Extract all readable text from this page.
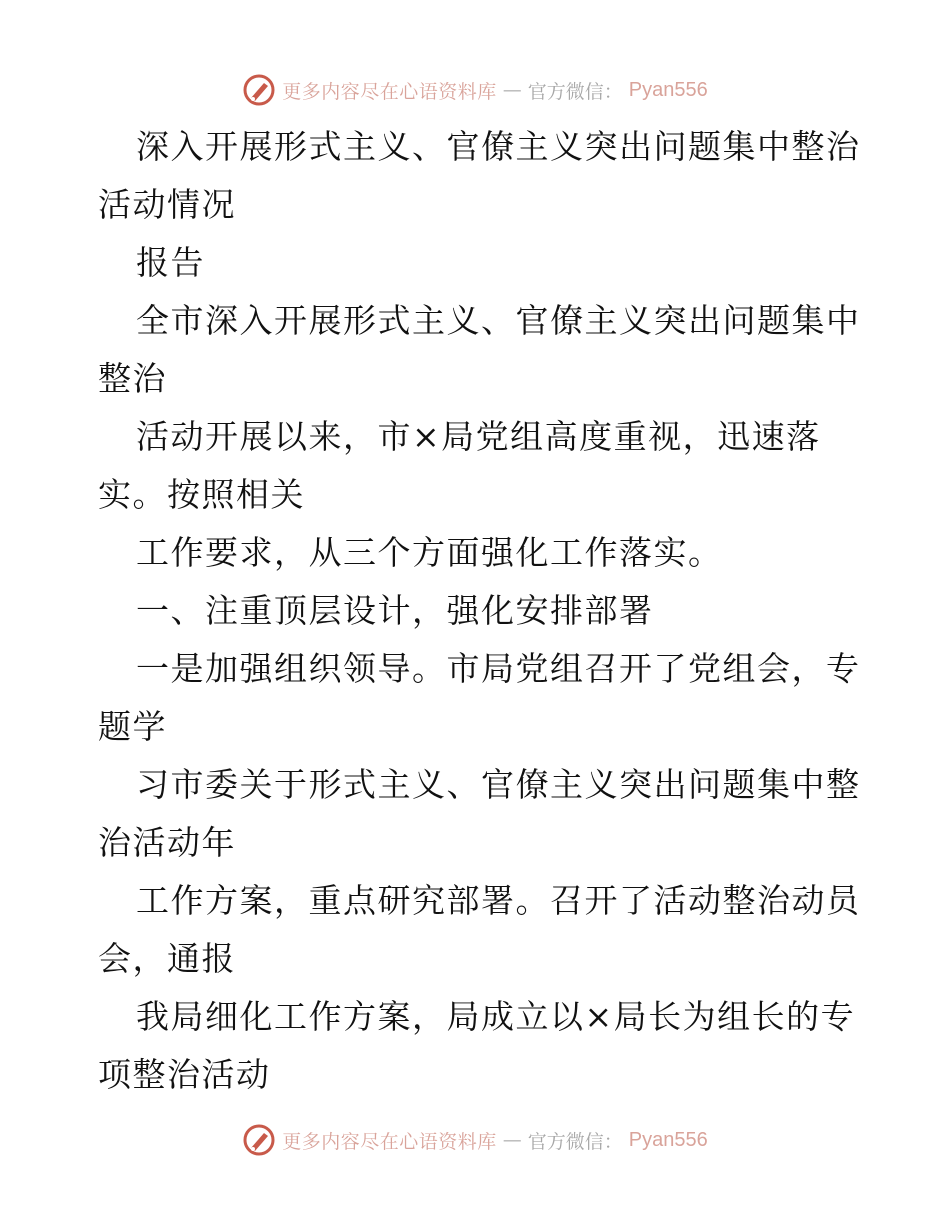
更多内容尽在心语资料库 — 官方微信： Pyan556
深入开展形式主义、官僚主义突出问题集中整治
活动情况
报告
全市深入开展形式主义、官僚主义突出问题集中
整治
活动开展以来，市×局党组高度重视，迅速落
实。按照相关
工作要求，从三个方面强化工作落实。
一、注重顶层设计，强化安排部署
一是加强组织领导。市局党组召开了党组会，专
题学
习市委关于形式主义、官僚主义突出问题集中整
治活动年
工作方案，重点研究部署。召开了活动整治动员
会，通报
我局细化工作方案，局成立以×局长为组长的专
项整治活动
更多内容尽在心语资料库 — 官方微信： Pyan556
